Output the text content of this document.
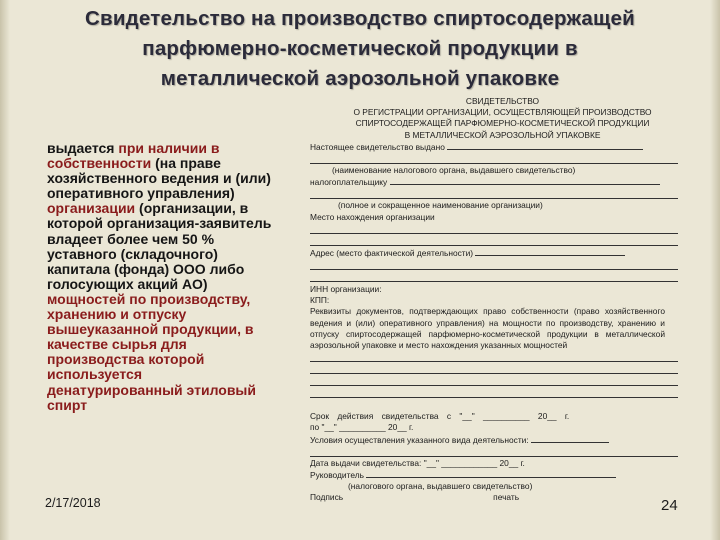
Свидетельство на производство спиртосодержащей
парфюмерно-косметической продукции в
металлической аэрозольной упаковке
выдается при наличии в собственности (на праве хозяйственного ведения и (или) оперативного управления) организации (организации, в которой организация-заявитель владеет более чем 50 % уставного (складочного) капитала (фонда) ООО либо голосующих акций АО) мощностей по производству, хранению и отпуску вышеуказанной продукции, в качестве сырья для производства которой используется денатурированный этиловый спирт
2/17/2018	24
СВИДЕТЕЛЬСТВО
О РЕГИСТРАЦИИ ОРГАНИЗАЦИИ, ОСУЩЕСТВЛЯЮЩЕЙ ПРОИЗВОДСТВО
СПИРТОСОДЕРЖАЩЕЙ ПАРФЮМЕРНО-КОСМЕТИЧЕСКОЙ ПРОДУКЦИИ
В МЕТАЛЛИЧЕСКОЙ АЭРОЗОЛЬНОЙ УПАКОВКЕ
Настоящее свидетельство выдано
(наименование налогового органа, выдавшего свидетельство)
налогоплательщику
(полное и сокращенное наименование организации)
Место нахождения организации
Адрес (место фактической деятельности)
ИНН организации:
КПП:
Реквизиты документов, подтверждающих право собственности (право хозяйственного ведения и (или) оперативного управления) на мощности по производству, хранению и отпуску спиртосодержащей парфюмерно-косметической продукции в металлической аэрозольной упаковке и место нахождения указанных мощностей
Срок действия свидетельства с "__" __________ 20__ г.
по "__" __________ 20__ г.
Условия осуществления указанного вида деятельности:
Дата выдачи свидетельства: "__" ____________ 20__ г.
Руководитель
(налогового органа, выдавшего свидетельство)
Подпись	печать
